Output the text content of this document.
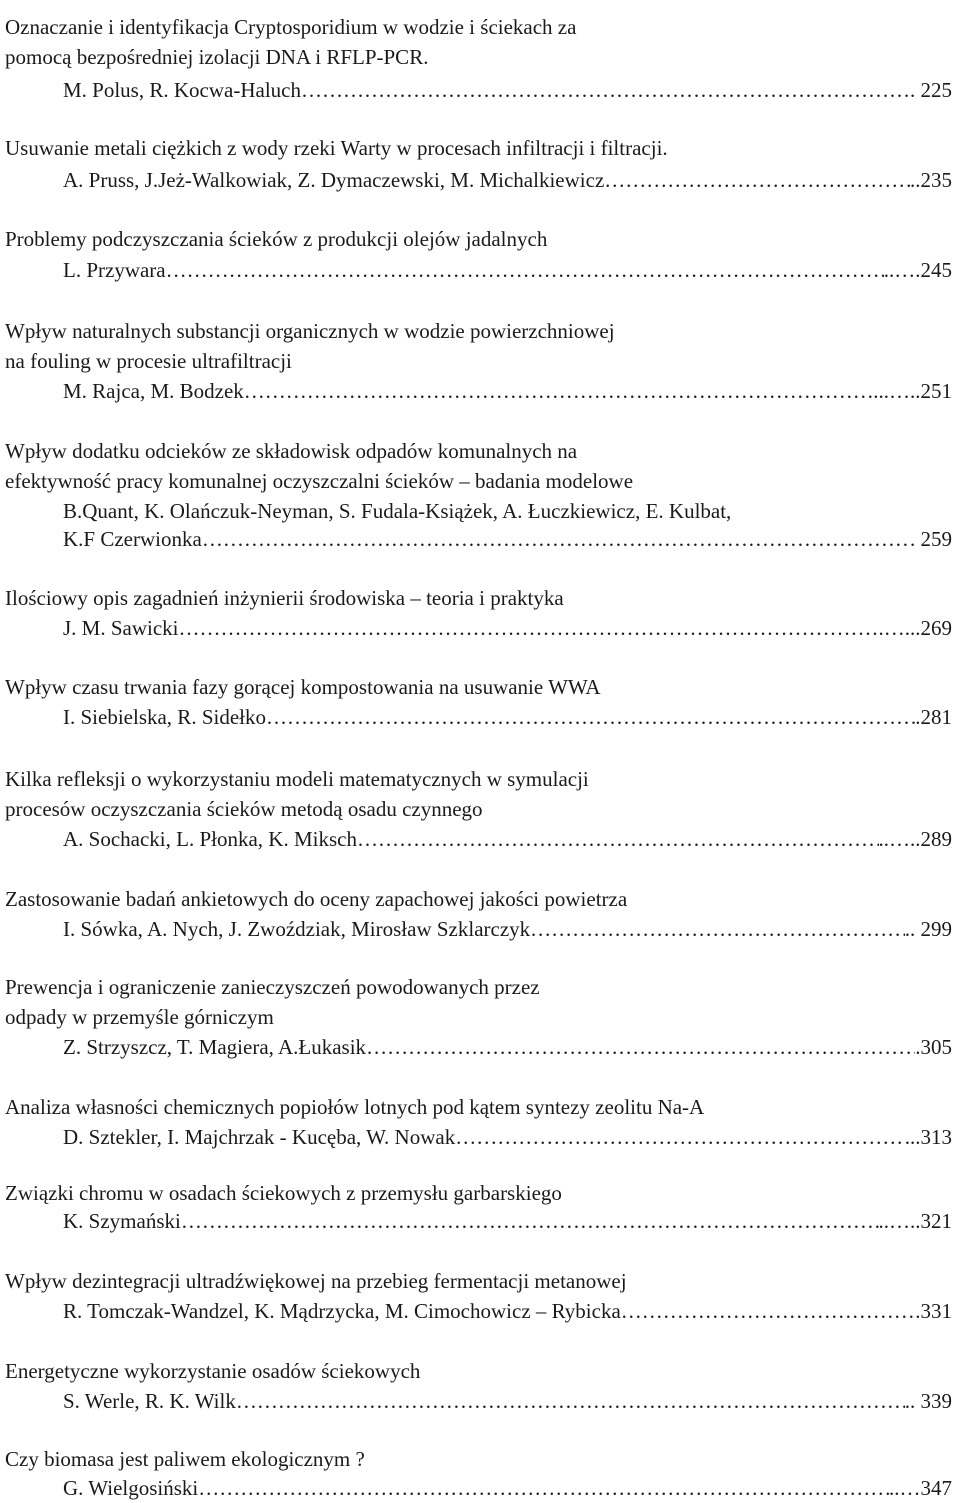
Oznaczanie i identyfikacja Cryptosporidium w wodzie i ściekach za
pomocą bezpośredniej izolacji DNA i RFLP-PCR.
M. Polus, R. Kocwa-Haluch ……………………………………………………………………………………………………………………………………………………………………	. 225
Usuwanie metali ciężkich z wody rzeki Warty w procesach infiltracji i filtracji.
A. Pruss, J.Jeż-Walkowiak, Z. Dymaczewski, M. Michalkiewicz ……………………………………………………………………………………………………………………………………………………………………	..235
Problemy podczyszczania ścieków z produkcji olejów jadalnych
L. Przywara ……………………………………………………………………………………………………………………………………………………………………	..….245
Wpływ naturalnych substancji organicznych w wodzie powierzchniowej
na fouling w procesie ultrafiltracji
M. Rajca, M. Bodzek ……………………………………………………………………………………………………………………………………………………………………	...…..251
Wpływ dodatku odcieków ze składowisk odpadów komunalnych na
efektywność pracy komunalnej oczyszczalni ścieków – badania modelowe
B.Quant, K. Olańczuk-Neyman, S. Fudala-Książek, A. Łuczkiewicz, E. Kulbat,
K.F Czerwionka ……………………………………………………………………………………………………………………………………………………………………	. 259
Ilościowy opis zagadnień inżynierii środowiska – teoria i praktyka
J. M. Sawicki ……………………………………………………………………………………………………………………………………………………………………	.…...269
Wpływ czasu trwania fazy gorącej kompostowania na usuwanie WWA
I. Siebielska, R. Sidełko ……………………………………………………………………………………………………………………………………………………………………	.281
Kilka refleksji o wykorzystaniu modeli matematycznych w symulacji
procesów oczyszczania ścieków metodą osadu czynnego
A. Sochacki, L. Płonka, K. Miksch ……………………………………………………………………………………………………………………………………………………………………	..…..289
Zastosowanie badań ankietowych do oceny zapachowej jakości powietrza
I. Sówka, A. Nych, J. Zwoździak, Mirosław Szklarczyk ……………………………………………………………………………………………………………………………………………………………………	.. 299
Prewencja i ograniczenie zanieczyszczeń powodowanych przez
odpady w przemyśle górniczym
Z. Strzyszcz, T. Magiera, A.Łukasik ……………………………………………………………………………………………………………………………………………………………………	.305
Analiza własności chemicznych popiołów lotnych pod kątem syntezy zeolitu Na-A
D. Sztekler, I. Majchrzak - Kucęba, W. Nowak ……………………………………………………………………………………………………………………………………………………………………	...313
Związki chromu w osadach ściekowych z przemysłu garbarskiego
K. Szymański ……………………………………………………………………………………………………………………………………………………………………	..…..321
Wpływ dezintegracji ultradźwiękowej na przebieg fermentacji metanowej
R. Tomczak-Wandzel, K. Mądrzycka, M. Cimochowicz – Rybicka ……………………………………………………………………………………………………………………………………………………………………	.331
Energetyczne wykorzystanie osadów ściekowych
S. Werle, R. K. Wilk ……………………………………………………………………………………………………………………………………………………………………	.. 339
Czy biomasa jest paliwem ekologicznym ?
G. Wielgosiński ……………………………………………………………………………………………………………………………………………………………………	..…347
